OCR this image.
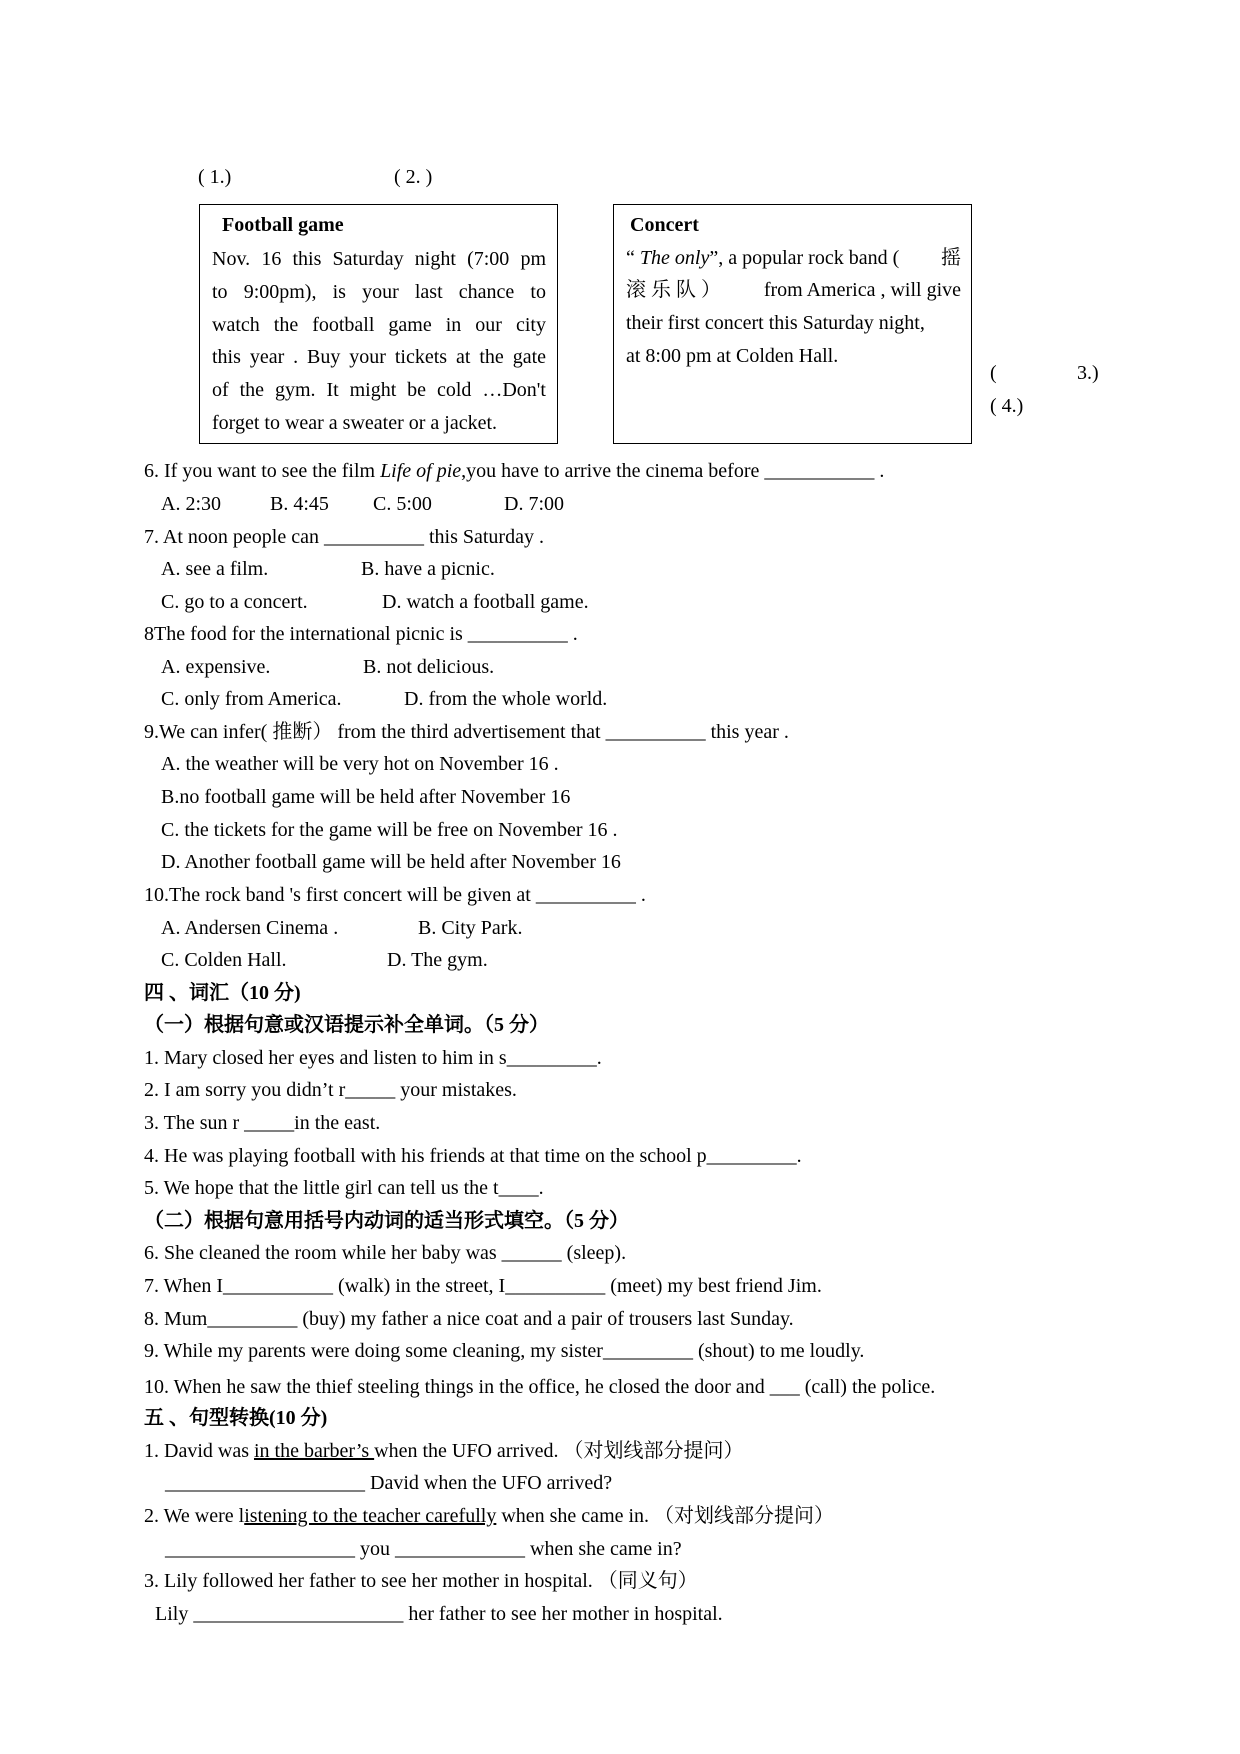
( 1.)	( 2. )
(	3.)
( 4.)
Football game
Nov. 16 this Saturday night (7:00 pm
to 9:00pm), is your last chance to
watch the football game in our city
this year . Buy your tickets at the gate
of the gym. It might be cold …Don't
forget to wear a sweater or a jacket.
Concert
“ The only”, a popular rock band ( 摇
滚 乐 队 ） from America , will give
their first concert this Saturday night,
at 8:00 pm at Colden Hall.
6. If you want to see the film Life of pie,you have to arrive the cinema before ___________ .
A. 2:30 B. 4:45 C. 5:00	D. 7:00
7. At noon people can __________ this Saturday .
A. see a film.	B. have a picnic.
C. go to a concert.	D. watch a football game.
8The food for the international picnic is __________ .
A. expensive.	B. not delicious.
C. only from America.	D. from the whole world.
9.We can infer( 推断） from the third advertisement that __________ this year .
A. the weather will be very hot on November 16 .
B.no football game will be held after November 16
C. the tickets for the game will be free on November 16 .
D. Another football game will be held after November 16
10.The rock band 's first concert will be given at __________ .
A. Andersen Cinema .	B. City Park.
C. Colden Hall.	D. The gym.
四 、词汇（10 分)
（一）根据句意或汉语提示补全单词。（5 分）
1. Mary closed her eyes and listen to him in s_________.
2. I am sorry you didn’t r_____ your mistakes.
3. The sun r _____in the east.
4. He was playing football with his friends at that time on the school p_________.
5. We hope that the little girl can tell us the t____.
（二）根据句意用括号内动词的适当形式填空。（5 分）
6. She cleaned the room while her baby was ______ (sleep).
7. When I___________ (walk) in the street, I__________ (meet) my best friend Jim.
8. Mum_________ (buy) my father a nice coat and a pair of trousers last Sunday.
9. While my parents were doing some cleaning, my sister_________ (shout) to me loudly.
10. When he saw the thief steeling things in the office, he closed the door and ___ (call) the police.
五 、句型转换(10 分)
1. David was in the barber’s when the UFO arrived. （对划线部分提问）
____________________ David when the UFO arrived?
2. We were listening to the teacher carefully when she came in. （对划线部分提问）
___________________ you _____________ when she came in?
3. Lily followed her father to see her mother in hospital. （同义句）
Lily _____________________ her father to see her mother in hospital.
